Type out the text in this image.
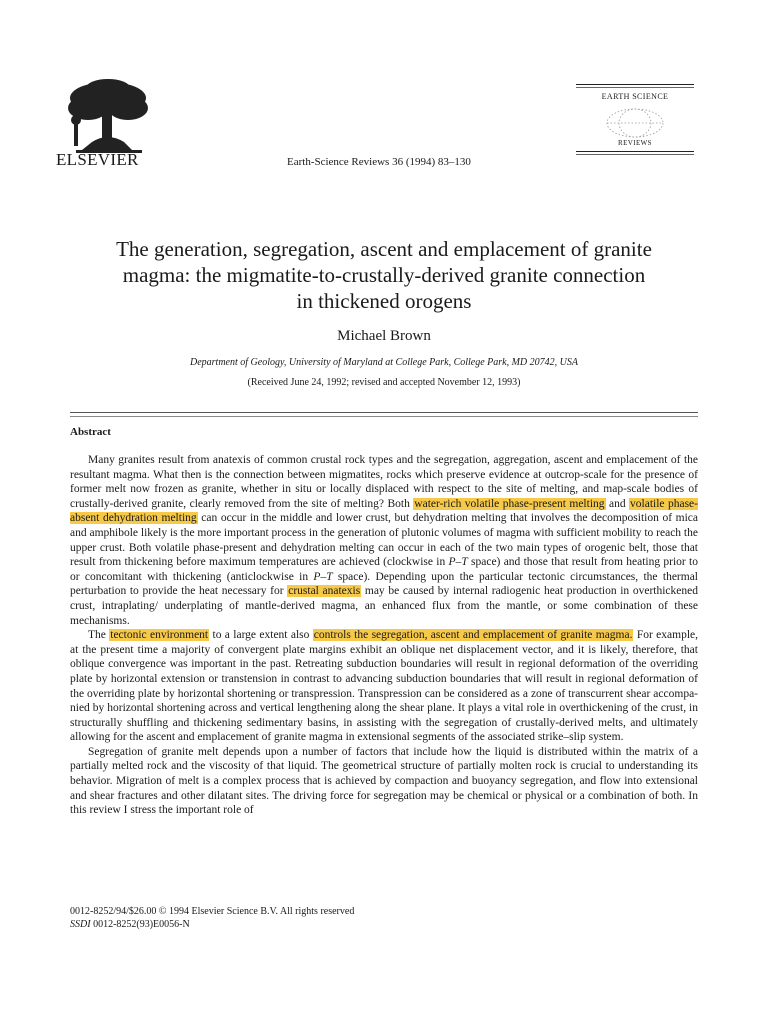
ELSEVIER	Earth-Science Reviews 36 (1994) 83–130
EARTH SCIENCE
REVIEWS
The generation, segregation, ascent and emplacement of granite
magma: the migmatite-to-crustally-derived granite connection
in thickened orogens
Michael Brown
Department of Geology, University of Maryland at College Park, College Park, MD 20742, USA
(Received June 24, 1992; revised and accepted November 12, 1993)
Abstract

Many granites result from anatexis of common crustal rock types and the segregation, aggregation, ascent and emplacement of the resultant magma. What then is the connection between migmatites, rocks which preserve evidence at outcrop-scale for the presence of former melt now frozen as granite, whether in situ or locally displaced with respect to the site of melting, and map-scale bodies of crustally-derived granite, clearly removed from the site of melting? Both water-rich volatile phase-present melting and volatile phase-absent dehydration melting can occur in the middle and lower crust, but dehydration melting that involves the decomposition of mica and amphibole likely is the more important process in the generation of plutonic volumes of magma with sufficient mobility to reach the upper crust. Both volatile phase-present and dehydration melting can occur in each of the two main types of orogenic belt, those that result from thickening before maximum temperatures are achieved (clockwise in P–T space) and those that result from heating prior to or concomitant with thickening (anticlockwise in P–T space). Depending upon the particular tectonic circumstances, the thermal perturbation to provide the heat necessary for crustal anatexis may be caused by internal radiogenic heat production in overthickened crust, intraplating/ underplating of mantle-derived magma, an enhanced flux from the mantle, or some combination of these mechanisms.

The tectonic environment to a large extent also controls the segregation, ascent and emplacement of granite magma. For example, at the present time a majority of convergent plate margins exhibit an oblique net displacement vector, and it is likely, therefore, that oblique convergence was important in the past. Retreating subduction boundaries will result in regional deformation of the overriding plate by horizontal extension or transtension in contrast to advancing subduction boundaries that will result in regional deformation of the overriding plate by horizontal shortening or transpression. Transpression can be considered as a zone of transcurrent shear accompa- nied by horizontal shortening across and vertical lengthening along the shear plane. It plays a vital role in overthickening of the crust, in structurally shuffling and thickening sedimentary basins, in assisting with the segregation of crustally-derived melts, and ultimately allowing for the ascent and emplacement of granite magma in extensional segments of the associated strike–slip system.

Segregation of granite melt depends upon a number of factors that include how the liquid is distributed within the matrix of a partially melted rock and the viscosity of that liquid. The geometrical structure of partially molten rock is crucial to understanding its behavior. Migration of melt is a complex process that is achieved by compaction and buoyancy segregation, and flow into extensional and shear fractures and other dilatant sites. The driving force for segregation may be chemical or physical or a combination of both. In this review I stress the important role of

0012-8252/94/$26.00 © 1994 Elsevier Science B.V. All rights reserved
SSDI 0012-8252(93)E0056-N
